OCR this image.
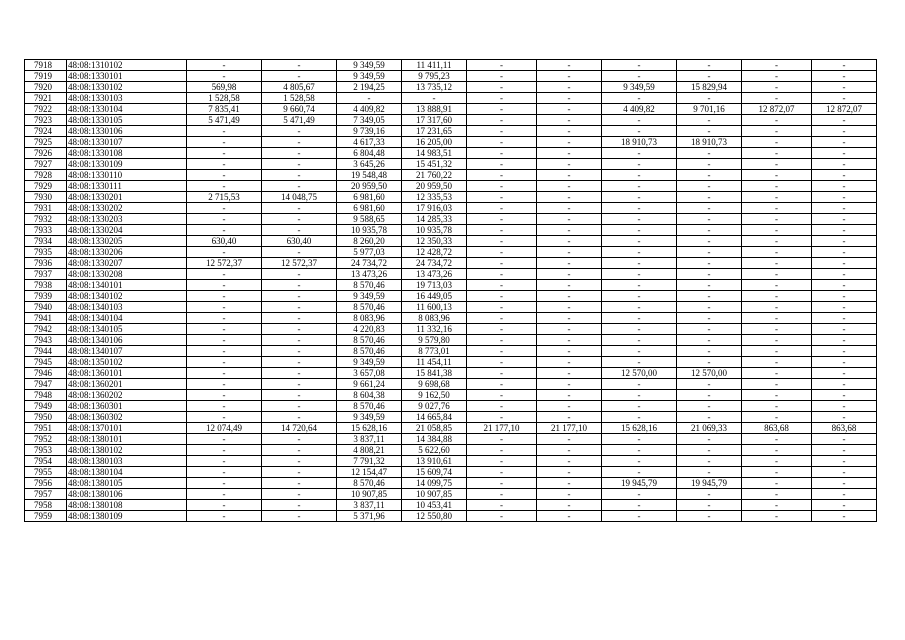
7918	48:08:1310102	-	-	9 349,59	11 411,11	-	-	-	-	-	-
7919	48:08:1330101	-	-	9 349,59	9 795,23	-	-	-	-	-	-
7920	48:08:1330102	569,98	4 805,67	2 194,25	13 735,12	-	-	9 349,59	15 829,94	-	-
7921	48:08:1330103	1 528,58	1 528,58	-	-	-	-	-	-	-	-
7922	48:08:1330104	7 835,41	9 660,74	4 409,82	13 888,91	-	-	4 409,82	9 701,16	12 872,07	12 872,07
7923	48:08:1330105	5 471,49	5 471,49	7 349,05	17 317,60	-	-	-	-	-	-
7924	48:08:1330106	-	-	9 739,16	17 231,65	-	-	-	-	-	-
7925	48:08:1330107	-	-	4 617,33	16 205,00	-	-	18 910,73	18 910,73	-	-
7926	48:08:1330108	-	-	6 804,48	14 983,51	-	-	-	-	-	-
7927	48:08:1330109	-	-	3 645,26	15 451,32	-	-	-	-	-	-
7928	48:08:1330110	-	-	19 548,48	21 760,22	-	-	-	-	-	-
7929	48:08:1330111	-	-	20 959,50	20 959,50	-	-	-	-	-	-
7930	48:08:1330201	2 715,53	14 048,75	6 981,60	12 335,53	-	-	-	-	-	-
7931	48:08:1330202	-	-	6 981,60	17 916,03	-	-	-	-	-	-
7932	48:08:1330203	-	-	9 588,65	14 285,33	-	-	-	-	-	-
7933	48:08:1330204	-	-	10 935,78	10 935,78	-	-	-	-	-	-
7934	48:08:1330205	630,40	630,40	8 260,20	12 350,33	-	-	-	-	-	-
7935	48:08:1330206	-	-	5 977,03	12 428,72	-	-	-	-	-	-
7936	48:08:1330207	12 572,37	12 572,37	24 734,72	24 734,72	-	-	-	-	-	-
7937	48:08:1330208	-	-	13 473,26	13 473,26	-	-	-	-	-	-
7938	48:08:1340101	-	-	8 570,46	19 713,03	-	-	-	-	-	-
7939	48:08:1340102	-	-	9 349,59	16 449,05	-	-	-	-	-	-
7940	48:08:1340103	-	-	8 570,46	11 600,13	-	-	-	-	-	-
7941	48:08:1340104	-	-	8 083,96	8 083,96	-	-	-	-	-	-
7942	48:08:1340105	-	-	4 220,83	11 332,16	-	-	-	-	-	-
7943	48:08:1340106	-	-	8 570,46	9 579,80	-	-	-	-	-	-
7944	48:08:1340107	-	-	8 570,46	8 773,01	-	-	-	-	-	-
7945	48:08:1350102	-	-	9 349,59	11 454,11	-	-	-	-	-	-
7946	48:08:1360101	-	-	3 657,08	15 841,38	-	-	12 570,00	12 570,00	-	-
7947	48:08:1360201	-	-	9 661,24	9 698,68	-	-	-	-	-	-
7948	48:08:1360202	-	-	8 604,38	9 162,50	-	-	-	-	-	-
7949	48:08:1360301	-	-	8 570,46	9 027,76	-	-	-	-	-	-
7950	48:08:1360302	-	-	9 349,59	14 665,84	-	-	-	-	-	-
7951	48:08:1370101	12 074,49	14 720,64	15 628,16	21 058,85	21 177,10	21 177,10	15 628,16	21 069,33	863,68	863,68
7952	48:08:1380101	-	-	3 837,11	14 384,88	-	-	-	-	-	-
7953	48:08:1380102	-	-	4 808,21	5 622,60	-	-	-	-	-	-
7954	48:08:1380103	-	-	7 791,32	13 910,61	-	-	-	-	-	-
7955	48:08:1380104	-	-	12 154,47	15 609,74	-	-	-	-	-	-
7956	48:08:1380105	-	-	8 570,46	14 099,75	-	-	19 945,79	19 945,79	-	-
7957	48:08:1380106	-	-	10 907,85	10 907,85	-	-	-	-	-	-
7958	48:08:1380108	-	-	3 837,11	10 453,41	-	-	-	-	-	-
7959	48:08:1380109	-	-	5 371,96	12 550,80	-	-	-	-	-	-
